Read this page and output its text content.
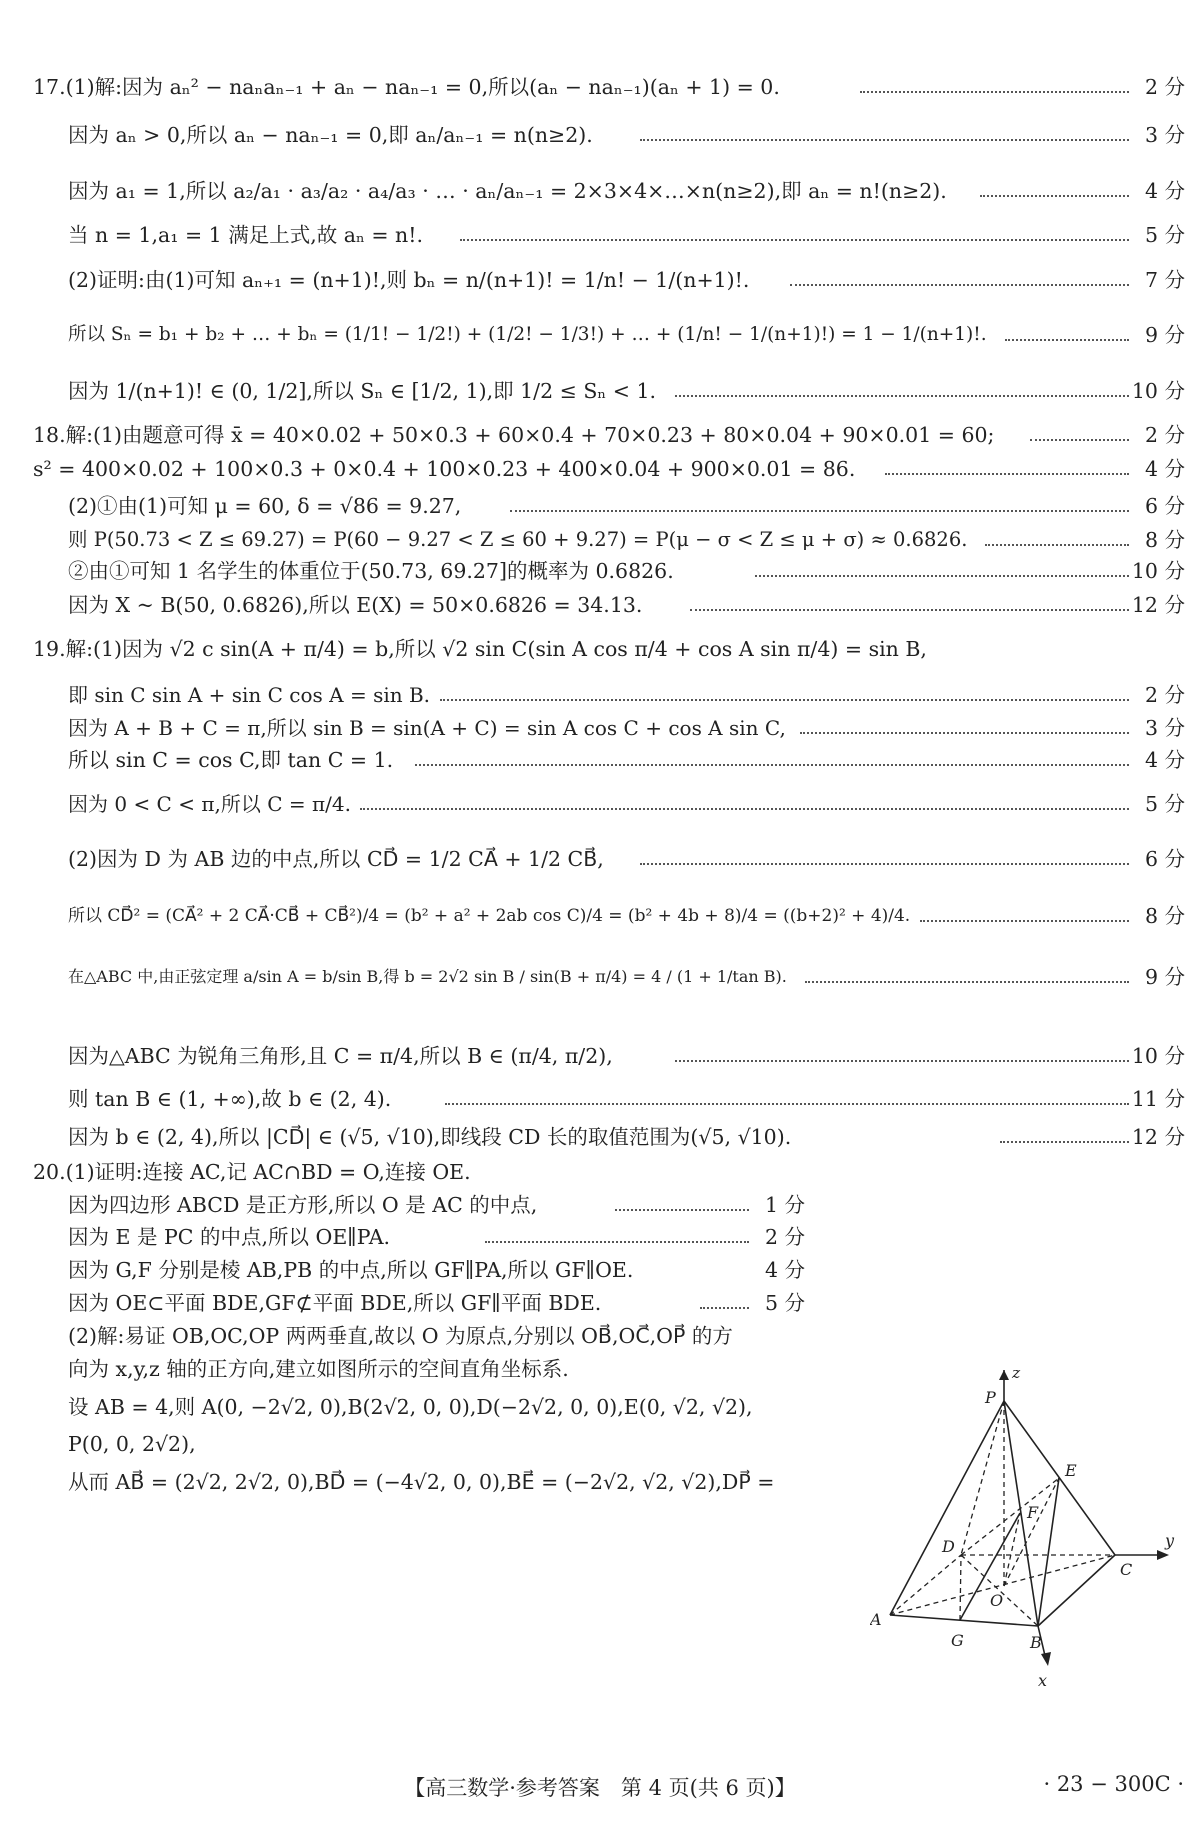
17.(1)解:因为 aₙ² − naₙaₙ₋₁ + aₙ − naₙ₋₁ = 0,所以(aₙ − naₙ₋₁)(aₙ + 1) = 0.	2 分
因为 aₙ > 0,所以 aₙ − naₙ₋₁ = 0,即 aₙ/aₙ₋₁ = n(n≥2).	3 分
因为 a₁ = 1,所以 a₂/a₁ · a₃/a₂ · a₄/a₃ · … · aₙ/aₙ₋₁ = 2×3×4×…×n(n≥2),即 aₙ = n!(n≥2).	4 分
当 n = 1,a₁ = 1 满足上式,故 aₙ = n!.	5 分
(2)证明:由(1)可知 aₙ₊₁ = (n+1)!,则 bₙ = n/(n+1)! = 1/n! − 1/(n+1)!.	7 分
所以 Sₙ = b₁ + b₂ + … + bₙ = (1/1! − 1/2!) + (1/2! − 1/3!) + … + (1/n! − 1/(n+1)!) = 1 − 1/(n+1)!.	9 分
因为 1/(n+1)! ∈ (0, 1/2],所以 Sₙ ∈ [1/2, 1),即 1/2 ≤ Sₙ < 1.	10 分
18.解:(1)由题意可得 x̄ = 40×0.02 + 50×0.3 + 60×0.4 + 70×0.23 + 80×0.04 + 90×0.01 = 60;	2 分
s² = 400×0.02 + 100×0.3 + 0×0.4 + 100×0.23 + 400×0.04 + 900×0.01 = 86.	4 分
(2)①由(1)可知 μ = 60, δ = √86 = 9.27,	6 分
则 P(50.73 < Z ≤ 69.27) = P(60 − 9.27 < Z ≤ 60 + 9.27) = P(μ − σ < Z ≤ μ + σ) ≈ 0.6826.	8 分
②由①可知 1 名学生的体重位于(50.73, 69.27]的概率为 0.6826.	10 分
因为 X ~ B(50, 0.6826),所以 E(X) = 50×0.6826 = 34.13.	12 分
19.解:(1)因为 √2 c sin(A + π/4) = b,所以 √2 sin C(sin A cos π/4 + cos A sin π/4) = sin B,
即 sin C sin A + sin C cos A = sin B.	2 分
因为 A + B + C = π,所以 sin B = sin(A + C) = sin A cos C + cos A sin C,	3 分
所以 sin C = cos C,即 tan C = 1.	4 分
因为 0 < C < π,所以 C = π/4.	5 分
(2)因为 D 为 AB 边的中点,所以 CD⃗ = 1/2 CA⃗ + 1/2 CB⃗,	6 分
所以 CD⃗² = (CA⃗² + 2 CA⃗·CB⃗ + CB⃗²)/4 = (b² + a² + 2ab cos C)/4 = (b² + 4b + 8)/4 = ((b+2)² + 4)/4.	8 分
在△ABC 中,由正弦定理 a/sin A = b/sin B,得 b = 2√2 sin B / sin(B + π/4) = 4 / (1 + 1/tan B).	9 分
因为△ABC 为锐角三角形,且 C = π/4,所以 B ∈ (π/4, π/2),	10 分
则 tan B ∈ (1, +∞),故 b ∈ (2, 4).	11 分
因为 b ∈ (2, 4),所以 |CD⃗| ∈ (√5, √10),即线段 CD 长的取值范围为(√5, √10).	12 分
20.(1)证明:连接 AC,记 AC∩BD = O,连接 OE.
因为四边形 ABCD 是正方形,所以 O 是 AC 的中点,	1 分
因为 E 是 PC 的中点,所以 OE∥PA.	2 分
因为 G,F 分别是棱 AB,PB 的中点,所以 GF∥PA,所以 GF∥OE.	4 分
因为 OE⊂平面 BDE,GF⊄平面 BDE,所以 GF∥平面 BDE.	5 分
(2)解:易证 OB,OC,OP 两两垂直,故以 O 为原点,分别以 OB⃗,OC⃗,OP⃗ 的方
向为 x,y,z 轴的正方向,建立如图所示的空间直角坐标系.
设 AB = 4,则 A(0, −2√2, 0),B(2√2, 0, 0),D(−2√2, 0, 0),E(0, √2, √2),
P(0, 0, 2√2),
从而 AB⃗ = (2√2, 2√2, 0),BD⃗ = (−4√2, 0, 0),BE⃗ = (−2√2, √2, √2),DP⃗ =
z
P
E
F
D
C
y
O
A
G	B
x
【高三数学·参考答案　第 4 页(共 6 页)】	· 23 − 300C ·
